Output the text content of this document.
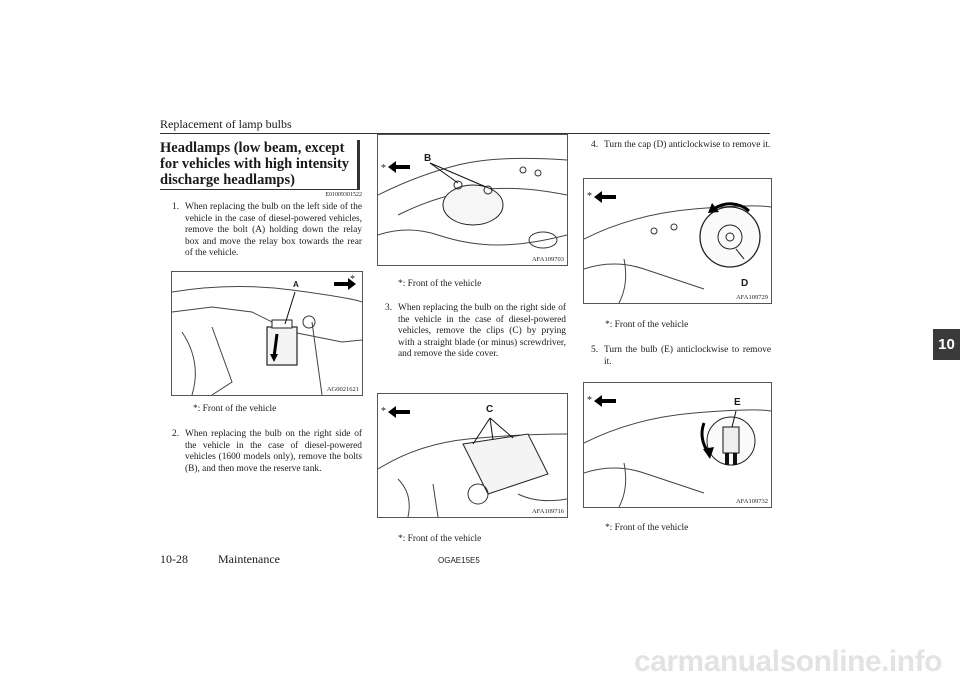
Replacement of lamp bulbs
10
Headlamps (low beam, except for vehicles with high intensity discharge headlamps)
E01009301522
1. When replacing the bulb on the left side of the vehicle in the case of diesel-powered vehicles, remove the bolt (A) holding down the relay box and move the relay box towards the rear of the vehicle.
A	*
AG0021621
*: Front of the vehicle
2. When replacing the bulb on the right side of the vehicle in the case of diesel-powered vehicles (1600 models only), remove the bolts (B), and then move the reserve tank.
B
*
AFA109703
*: Front of the vehicle
3. When replacing the bulb on the right side of the vehicle in the case of diesel-powered vehicles, remove the clips (C) by prying with a straight blade (or minus) screwdriver, and remove the side cover.
C
*
AFA109716
*: Front of the vehicle
4. Turn the cap (D) anticlockwise to remove it.
D
*
AFA109729
*: Front of the vehicle
5. Turn the bulb (E) anticlockwise to remove it.
E
*
AFA109732
*: Front of the vehicle
10-28	Maintenance	OGAE15E5
carmanualsonline.info
